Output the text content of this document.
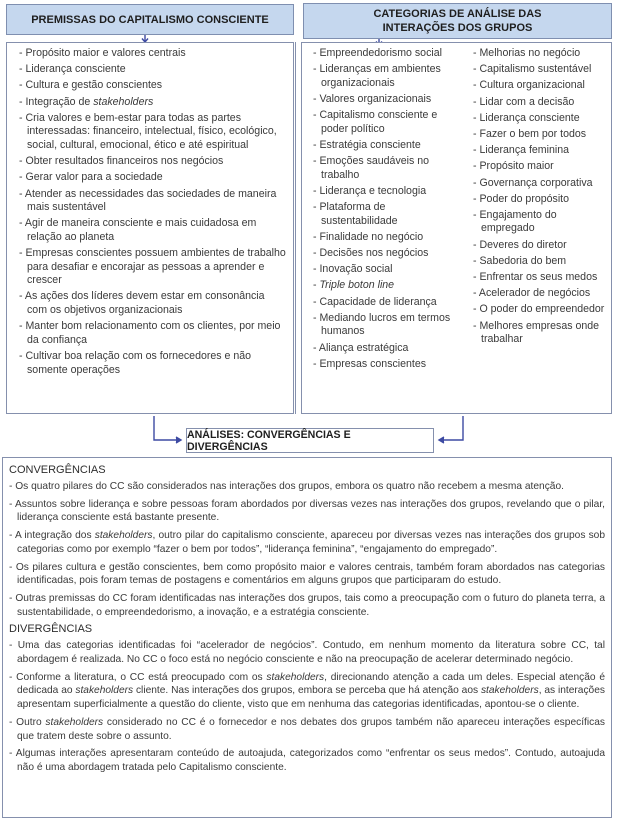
PREMISSAS DO CAPITALISMO CONSCIENTE	CATEGORIAS DE ANÁLISE DAS
INTERAÇÕES DOS GRUPOS
- Propósito maior e valores centrais
- Liderança consciente
- Cultura e gestão conscientes
- Integração de stakeholders
- Cria valores e bem-estar para todas as partes interessadas: financeiro, intelectual, físico, ecológico, social, cultural, emocional, ético e até espiritual
- Obter resultados financeiros nos negócios
- Gerar valor para a sociedade
- Atender as necessidades das sociedades de maneira mais sustentável
- Agir de maneira consciente e mais cuidadosa em relação ao planeta
- Empresas conscientes possuem ambientes de trabalho para desafiar e encorajar as pessoas a aprender e crescer
- As ações dos líderes devem estar em consonância com os objetivos organizacionais
- Manter bom relacionamento com os clientes, por meio da confiança
- Cultivar boa relação com os fornecedores e não somente operações
- Empreendedorismo social
- Lideranças em ambientes organizacionais
- Valores organizacionais
- Capitalismo consciente e poder político
- Estratégia consciente
- Emoções saudáveis no trabalho
- Liderança e tecnologia
- Plataforma de sustentabilidade
- Finalidade no negócio
- Decisões nos negócios
- Inovação social
- Triple boton line
- Capacidade de liderança
- Mediando lucros em termos humanos
- Aliança estratégica
- Empresas conscientes
- Melhorias no negócio
- Capitalismo sustentável
- Cultura organizacional
- Lidar com a decisão
- Liderança consciente
- Fazer o bem por todos
- Liderança feminina
- Propósito maior
- Governança corporativa
- Poder do propósito
- Engajamento do empregado
- Deveres do diretor
- Sabedoria do bem
- Enfrentar os seus medos
- Acelerador de negócios
- O poder do empreendedor
- Melhores empresas onde trabalhar
ANÁLISES: CONVERGÊNCIAS E DIVERGÊNCIAS
CONVERGÊNCIAS
- Os quatro pilares do CC são considerados nas interações dos grupos, embora os quatro não recebem a mesma atenção.
- Assuntos sobre liderança e sobre pessoas foram abordados por diversas vezes nas interações dos grupos, revelando que o pilar, liderança consciente está bastante presente.
- A integração dos stakeholders, outro pilar do capitalismo consciente, apareceu por diversas vezes nas interações dos grupos sob categorias como por exemplo “fazer o bem por todos”, “liderança feminina”, “engajamento do empregado”.
- Os pilares cultura e gestão conscientes, bem como propósito maior e valores centrais, também foram abordados nas categorias identificadas, pois foram temas de postagens e comentários em alguns grupos que participaram do estudo.
- Outras premissas do CC foram identificadas nas interações dos grupos, tais como a preocupação com o futuro do planeta terra, a sustentabilidade, o empreendedorismo, a inovação, e a estratégia consciente.
DIVERGÊNCIAS
- Uma das categorias identificadas foi “acelerador de negócios”. Contudo, em nenhum momento da literatura sobre CC, tal abordagem é realizada. No CC o foco está no negócio consciente e não na preocupação de acelerar determinado negócio.
- Conforme a literatura, o CC está preocupado com os stakeholders, direcionando atenção a cada um deles. Especial atenção é dedicada ao stakeholders cliente. Nas interações dos grupos, embora se perceba que há atenção aos stakeholders, as interações apresentam superficialmente a questão do cliente, visto que em nenhuma das categorias identificadas, apontou-se o cliente.
- Outro stakeholders considerado no CC é o fornecedor e nos debates dos grupos também não apareceu interações específicas que tratem deste sobre o assunto.
- Algumas interações apresentaram conteúdo de autoajuda, categorizados como “enfrentar os seus medos”. Contudo, autoajuda não é uma abordagem tratada pelo Capitalismo consciente.
